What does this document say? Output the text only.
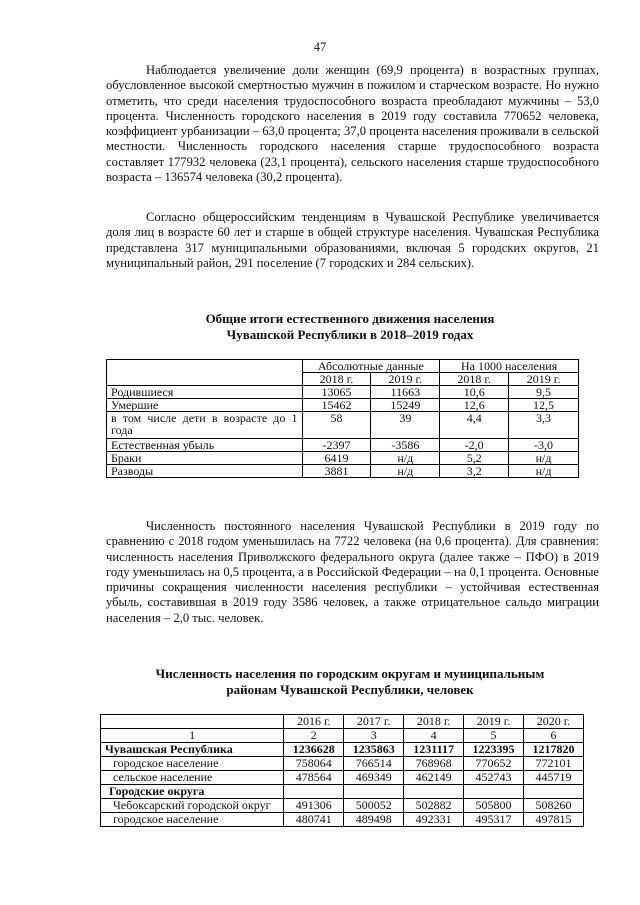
47

Наблюдается увеличение доли женщин (69,9 процента) в возрастных группах, обусловленное высокой смертностью мужчин в пожилом и старческом возрасте. Но нужно отметить, что среди населения трудоспособного возраста преобладают мужчины – 53,0 процента. Численность городского населения в 2019 году составила 770652 человека, коэффициент урбанизации – 63,0 процента; 37,0 процента населения проживали в сельской местности. Численность городского населения старше трудоспособного возраста составляет 177932 человека (23,1 процента), сельского населения старше трудоспособного возраста – 136574 человека (30,2 процента).

Согласно общероссийским тенденциям в Чувашской Республике увеличивается доля лиц в возрасте 60 лет и старше в общей структуре населения. Чувашская Республика представлена 317 муниципальными образованиями, включая 5 городских округов, 21 муниципальный район, 291 поселение (7 городских и 284 сельских).

Общие итоги естественного движения населения
Чувашской Республики в 2018–2019 годах
	Абсолютные данные		На 1000 населения	
	2018 г.	2019 г.	2018 г.	2019 г.
Родившиеся	13065	11663	10,6	9,5
Умершие	15462	15249	12,6	12,5
в том числе дети в возрасте до 1 года	58	39	4,4	3,3
Естественная убыль	-2397	-3586	-2,0	-3,0
Браки	6419	н/д	5,2	н/д
Разводы	3881	н/д	3,2	н/д

Численность постоянного населения Чувашской Республики в 2019 году по сравнению с 2018 годом уменьшилась на 7722 человека (на 0,6 процента). Для сравнения: численность населения Приволжского федерального округа (далее также – ПФО) в 2019 году уменьшилась на 0,5 процента, а в Российской Федерации – на 0,1 процента. Основные причины сокращения численности населения республики – устойчивая естественная убыль, составившая в 2019 году 3586 человек, а также отрицательное сальдо миграции населения – 2,0 тыс. человек.

Численность населения по городским округам и муниципальным
районам Чувашской Республики, человек
	2016 г.	2017 г.	2018 г.	2019 г.	2020 г.
1	2	3	4	5	6
Чувашская Республика	1236628	1235863	1231117	1223395	1217820
городское население	758064	766514	768968	770652	772101
сельское население	478564	469349	462149	452743	445719
Городские округа					
Чебоксарский городской округ	491306	500052	502882	505800	508260
городское население	480741	489498	492331	495317	497815
